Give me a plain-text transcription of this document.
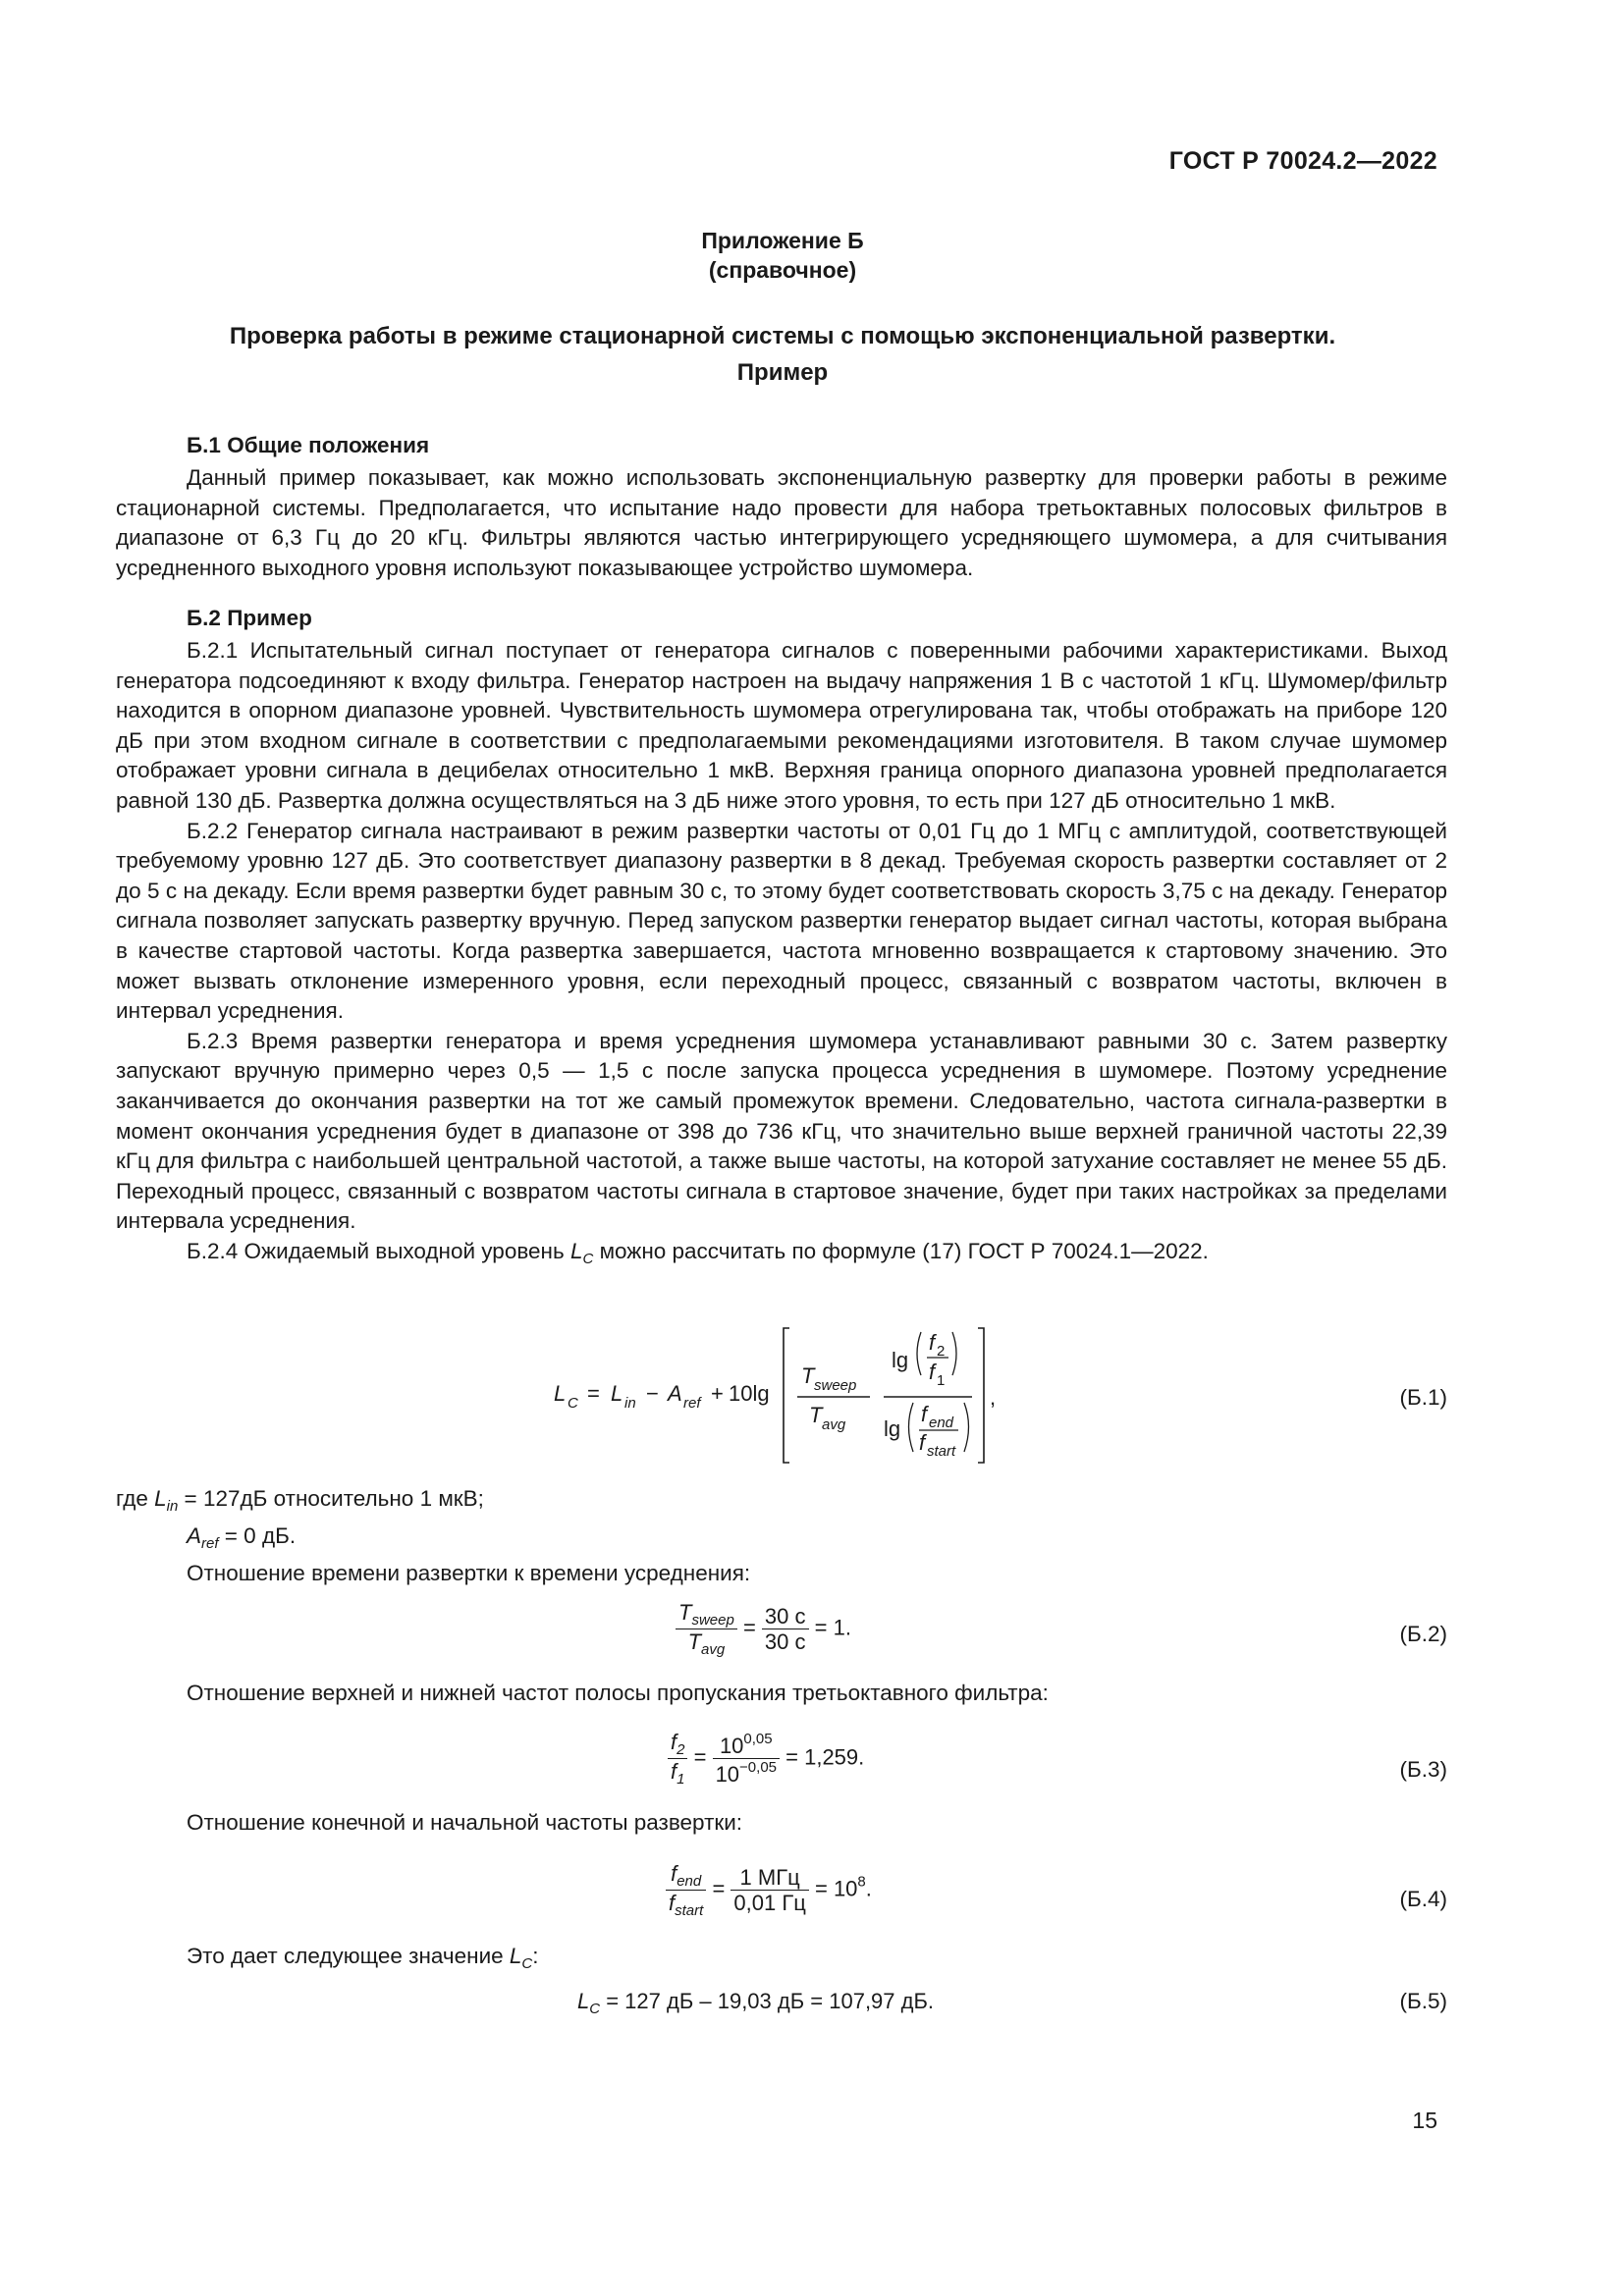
ГОСТ Р 70024.2—2022
Приложение Б
(справочное)
Проверка работы в режиме стационарной системы с помощью экспоненциальной развертки.
Пример
Б.1 Общие положения

Данный пример показывает, как можно использовать экспоненциальную развертку для проверки работы в режиме стационарной системы. Предполагается, что испытание надо провести для набора третьоктавных полосовых фильтров в диапазоне от 6,3 Гц до 20 кГц. Фильтры являются частью интегрирующего усредняющего шумомера, а для считывания усредненного выходного уровня используют показывающее устройство шумомера.

Б.2 Пример

Б.2.1 Испытательный сигнал поступает от генератора сигналов с поверенными рабочими характеристиками. Выход генератора подсоединяют к входу фильтра. Генератор настроен на выдачу напряжения 1 В с частотой 1 кГц. Шумомер/фильтр находится в опорном диапазоне уровней. Чувствительность шумомера отрегулирована так, чтобы отображать на приборе 120 дБ при этом входном сигнале в соответствии с предполагаемыми рекомендациями изготовителя. В таком случае шумомер отображает уровни сигнала в децибелах относительно 1 мкВ. Верхняя граница опорного диапазона уровней предполагается равной 130 дБ. Развертка должна осуществляться на 3 дБ ниже этого уровня, то есть при 127 дБ относительно 1 мкВ.

Б.2.2 Генератор сигнала настраивают в режим развертки частоты от 0,01 Гц до 1 МГц с амплитудой, соответствующей требуемому уровню 127 дБ. Это соответствует диапазону развертки в 8 декад. Требуемая скорость развертки составляет от 2 до 5 с на декаду. Если время развертки будет равным 30 с, то этому будет соответствовать скорость 3,75 с на декаду. Генератор сигнала позволяет запускать развертку вручную. Перед запуском развертки генератор выдает сигнал частоты, которая выбрана в качестве стартовой частоты. Когда развертка завершается, частота мгновенно возвращается к стартовому значению. Это может вызвать отклонение измеренного уровня, если переходный процесс, связанный с возвратом частоты, включен в интервал усреднения.

Б.2.3 Время развертки генератора и время усреднения шумомера устанавливают равными 30 с. Затем развертку запускают вручную примерно через 0,5 — 1,5 с после запуска процесса усреднения в шумомере. Поэтому усреднение заканчивается до окончания развертки на тот же самый промежуток времени. Следовательно, частота сигнала-развертки в момент окончания усреднения будет в диапазоне от 398 до 736 кГц, что значительно выше верхней граничной частоты 22,39 кГц для фильтра с наибольшей центральной частотой, а также выше частоты, на которой затухание составляет не менее 55 дБ. Переходный процесс, связанный с возвратом частоты сигнала в стартовое значение, будет при таких настройках за пределами интервала усреднения.

Б.2.4 Ожидаемый выходной уровень $L_C$ можно рассчитать по формуле (17) ГОСТ Р 70024.1—2022.

L C = L in − A ref + 10lg
T sweep
T avg
lg
f 2
f 1
lg
f end
f start
,	(Б.1)
где $L_{in} = 127дБ$ относительно 1 мкВ;
$A_{ref} = 0$ дБ.
Отношение времени развертки к времени усреднения:
$\frac{T_{sweep}}{T_{avg}} = \frac{30 с}{30 с} = 1$.	(Б.2)
Отношение верхней и нижней частот полосы пропускания третьоктавного фильтра:
$\frac{f_2}{f_1} = \frac{10^{0,05}}{10^{-0,05}} = 1,259$.	(Б.3)
Отношение конечной и начальной частоты развертки:
$\frac{f_{end}}{f_{start}} = \frac{\text{1 МГц}}{0,01 Гц} = 10^8$.	(Б.4)
Это дает следующее значение $L_C$:
$L_C = 127$ дБ – 19,03 дБ = 107,97 дБ.	(Б.5)
15
